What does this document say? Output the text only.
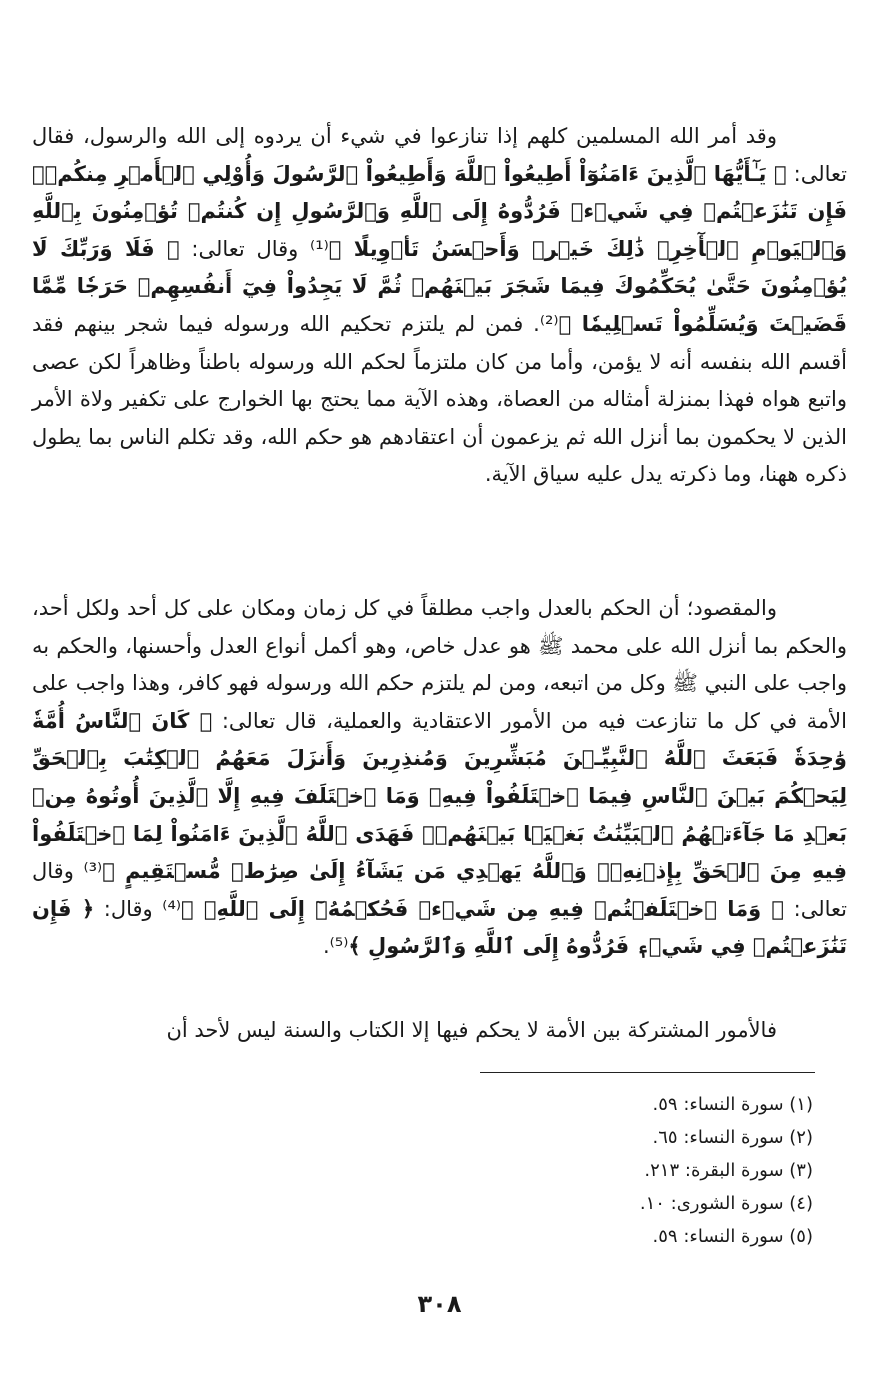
وقد أمر الله المسلمين كلهم إذا تنازعوا في شيء أن يردوه إلى الله والرسول، فقال تعالى: ﴿ يَـٰٓأَيُّهَا ٱلَّذِينَ ءَامَنُوٓاْ أَطِيعُواْ ٱللَّهَ وَأَطِيعُواْ ٱلرَّسُولَ وَأُوْلِي ٱلۡأَمۡرِ مِنكُمۡۖ فَإِن تَنَٰزَعۡتُمۡ فِي شَيۡءٖ فَرُدُّوهُ إِلَى ٱللَّهِ وَٱلرَّسُولِ إِن كُنتُمۡ تُؤۡمِنُونَ بِٱللَّهِ وَٱلۡيَوۡمِ ٱلۡأٓخِرِۚ ذَٰلِكَ خَيۡرٞ وَأَحۡسَنُ تَأۡوِيلًا ﴾⁽¹⁾ وقال تعالى: ﴿ فَلَا وَرَبِّكَ لَا يُؤۡمِنُونَ حَتَّىٰ يُحَكِّمُوكَ فِيمَا شَجَرَ بَيۡنَهُمۡ ثُمَّ لَا يَجِدُواْ فِيٓ أَنفُسِهِمۡ حَرَجٗا مِّمَّا قَضَيۡتَ وَيُسَلِّمُواْ تَسۡلِيمٗا ﴾⁽²⁾. فمن لم يلتزم تحكيم الله ورسوله فيما شجر بينهم فقد أقسم الله بنفسه أنه لا يؤمن، وأما من كان ملتزماً لحكم الله ورسوله باطناً وظاهراً لكن عصى واتبع هواه فهذا بمنزلة أمثاله من العصاة، وهذه الآية مما يحتج بها الخوارج على تكفير ولاة الأمر الذين لا يحكمون بما أنزل الله ثم يزعمون أن اعتقادهم هو حكم الله، وقد تكلم الناس بما يطول ذكره ههنا، وما ذكرته يدل عليه سياق الآية.

والمقصود؛ أن الحكم بالعدل واجب مطلقاً في كل زمان ومكان على كل أحد ولكل أحد، والحكم بما أنزل الله على محمد ﷺ هو عدل خاص، وهو أكمل أنواع العدل وأحسنها، والحكم به واجب على النبي ﷺ وكل من اتبعه، ومن لم يلتزم حكم الله ورسوله فهو كافر، وهذا واجب على الأمة في كل ما تنازعت فيه من الأمور الاعتقادية والعملية، قال تعالى: ﴿ كَانَ ٱلنَّاسُ أُمَّةٗ وَٰحِدَةٗ فَبَعَثَ ٱللَّهُ ٱلنَّبِيِّـۧنَ مُبَشِّرِينَ وَمُنذِرِينَ وَأَنزَلَ مَعَهُمُ ٱلۡكِتَٰبَ بِٱلۡحَقِّ لِيَحۡكُمَ بَيۡنَ ٱلنَّاسِ فِيمَا ٱخۡتَلَفُواْ فِيهِۚ وَمَا ٱخۡتَلَفَ فِيهِ إِلَّا ٱلَّذِينَ أُوتُوهُ مِنۢ بَعۡدِ مَا جَآءَتۡهُمُ ٱلۡبَيِّنَٰتُ بَغۡيَۢا بَيۡنَهُمۡۖ فَهَدَى ٱللَّهُ ٱلَّذِينَ ءَامَنُواْ لِمَا ٱخۡتَلَفُواْ فِيهِ مِنَ ٱلۡحَقِّ بِإِذۡنِهِۦۗ وَٱللَّهُ يَهۡدِي مَن يَشَآءُ إِلَىٰ صِرَٰطٖ مُّسۡتَقِيمٍ ﴾⁽³⁾ وقال تعالى: ﴿ وَمَا ٱخۡتَلَفۡتُمۡ فِيهِ مِن شَيۡءٖ فَحُكۡمُهُۥٓ إِلَى ٱللَّهِۚ ﴾⁽⁴⁾ وقال: ﴿ فَإِن تَنَٰزَعۡتُمۡ فِي شَيۡءٖ فَرُدُّوهُ إِلَى ٱللَّهِ وَٱلرَّسُولِ ﴾⁽⁵⁾.

فالأمور المشتركة بين الأمة لا يحكم فيها إلا الكتاب والسنة ليس لأحد أن

(١) سورة النساء: ٥٩.
(٢) سورة النساء: ٦٥.
(٣) سورة البقرة: ٢١٣.
(٤) سورة الشورى: ١٠.
(٥) سورة النساء: ٥٩.
٣٠٨
